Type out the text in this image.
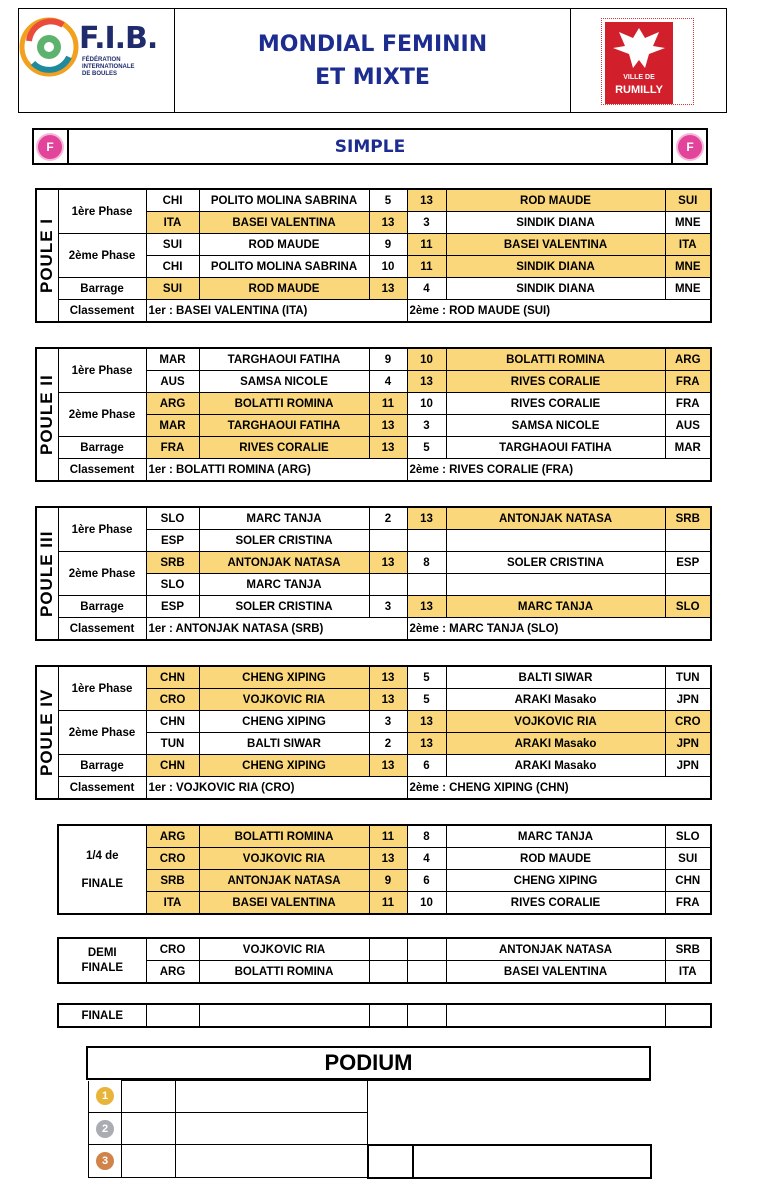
F.I.B.
FÉDÉRATION
INTERNATIONALE
DE BOULES
MONDIAL FEMININ
ET MIXTE	VILLE DE
RUMILLY
F	SIMPLE	F
POULE I	1ère Phase	CHI	POLITO MOLINA SABRINA	5	13	ROD MAUDE	SUI
		ITA	BASEI VALENTINA	13	3	SINDIK DIANA	MNE
	2ème Phase	SUI	ROD MAUDE	9	11	BASEI VALENTINA	ITA
		CHI	POLITO MOLINA SABRINA	10	11	SINDIK DIANA	MNE
	Barrage	SUI	ROD MAUDE	13	4	SINDIK DIANA	MNE
	Classement	1er : BASEI VALENTINA (ITA)			2ème : ROD MAUDE (SUI)		
POULE II	1ère Phase	MAR	TARGHAOUI FATIHA	9	10	BOLATTI ROMINA	ARG
		AUS	SAMSA NICOLE	4	13	RIVES CORALIE	FRA
	2ème Phase	ARG	BOLATTI ROMINA	11	10	RIVES CORALIE	FRA
		MAR	TARGHAOUI FATIHA	13	3	SAMSA NICOLE	AUS
	Barrage	FRA	RIVES CORALIE	13	5	TARGHAOUI FATIHA	MAR
	Classement	1er : BOLATTI ROMINA (ARG)			2ème : RIVES CORALIE (FRA)		
POULE III	1ère Phase	SLO	MARC TANJA	2	13	ANTONJAK NATASA	SRB
		ESP	SOLER CRISTINA				
	2ème Phase	SRB	ANTONJAK NATASA	13	8	SOLER CRISTINA	ESP
		SLO	MARC TANJA				
	Barrage	ESP	SOLER CRISTINA	3	13	MARC TANJA	SLO
	Classement	1er : ANTONJAK NATASA (SRB)			2ème : MARC TANJA (SLO)		
POULE IV	1ère Phase	CHN	CHENG XIPING	13	5	BALTI SIWAR	TUN
		CRO	VOJKOVIC RIA	13	5	ARAKI Masako	JPN
	2ème Phase	CHN	CHENG XIPING	3	13	VOJKOVIC RIA	CRO
		TUN	BALTI SIWAR	2	13	ARAKI Masako	JPN
	Barrage	CHN	CHENG XIPING	13	6	ARAKI Masako	JPN
	Classement	1er : VOJKOVIC RIA (CRO)			2ème : CHENG XIPING (CHN)		
1/4 de
FINALE	ARG	BOLATTI ROMINA	11	8	MARC TANJA	SLO
	CRO	VOJKOVIC RIA	13	4	ROD MAUDE	SUI
	SRB	ANTONJAK NATASA	9	6	CHENG XIPING	CHN
	ITA	BASEI VALENTINA	11	10	RIVES CORALIE	FRA
DEMI
FINALE	CRO	VOJKOVIC RIA			ANTONJAK NATASA	SRB
	ARG	BOLATTI ROMINA			BASEI VALENTINA	ITA
FINALE						
PODIUM
1				
2				
3				
